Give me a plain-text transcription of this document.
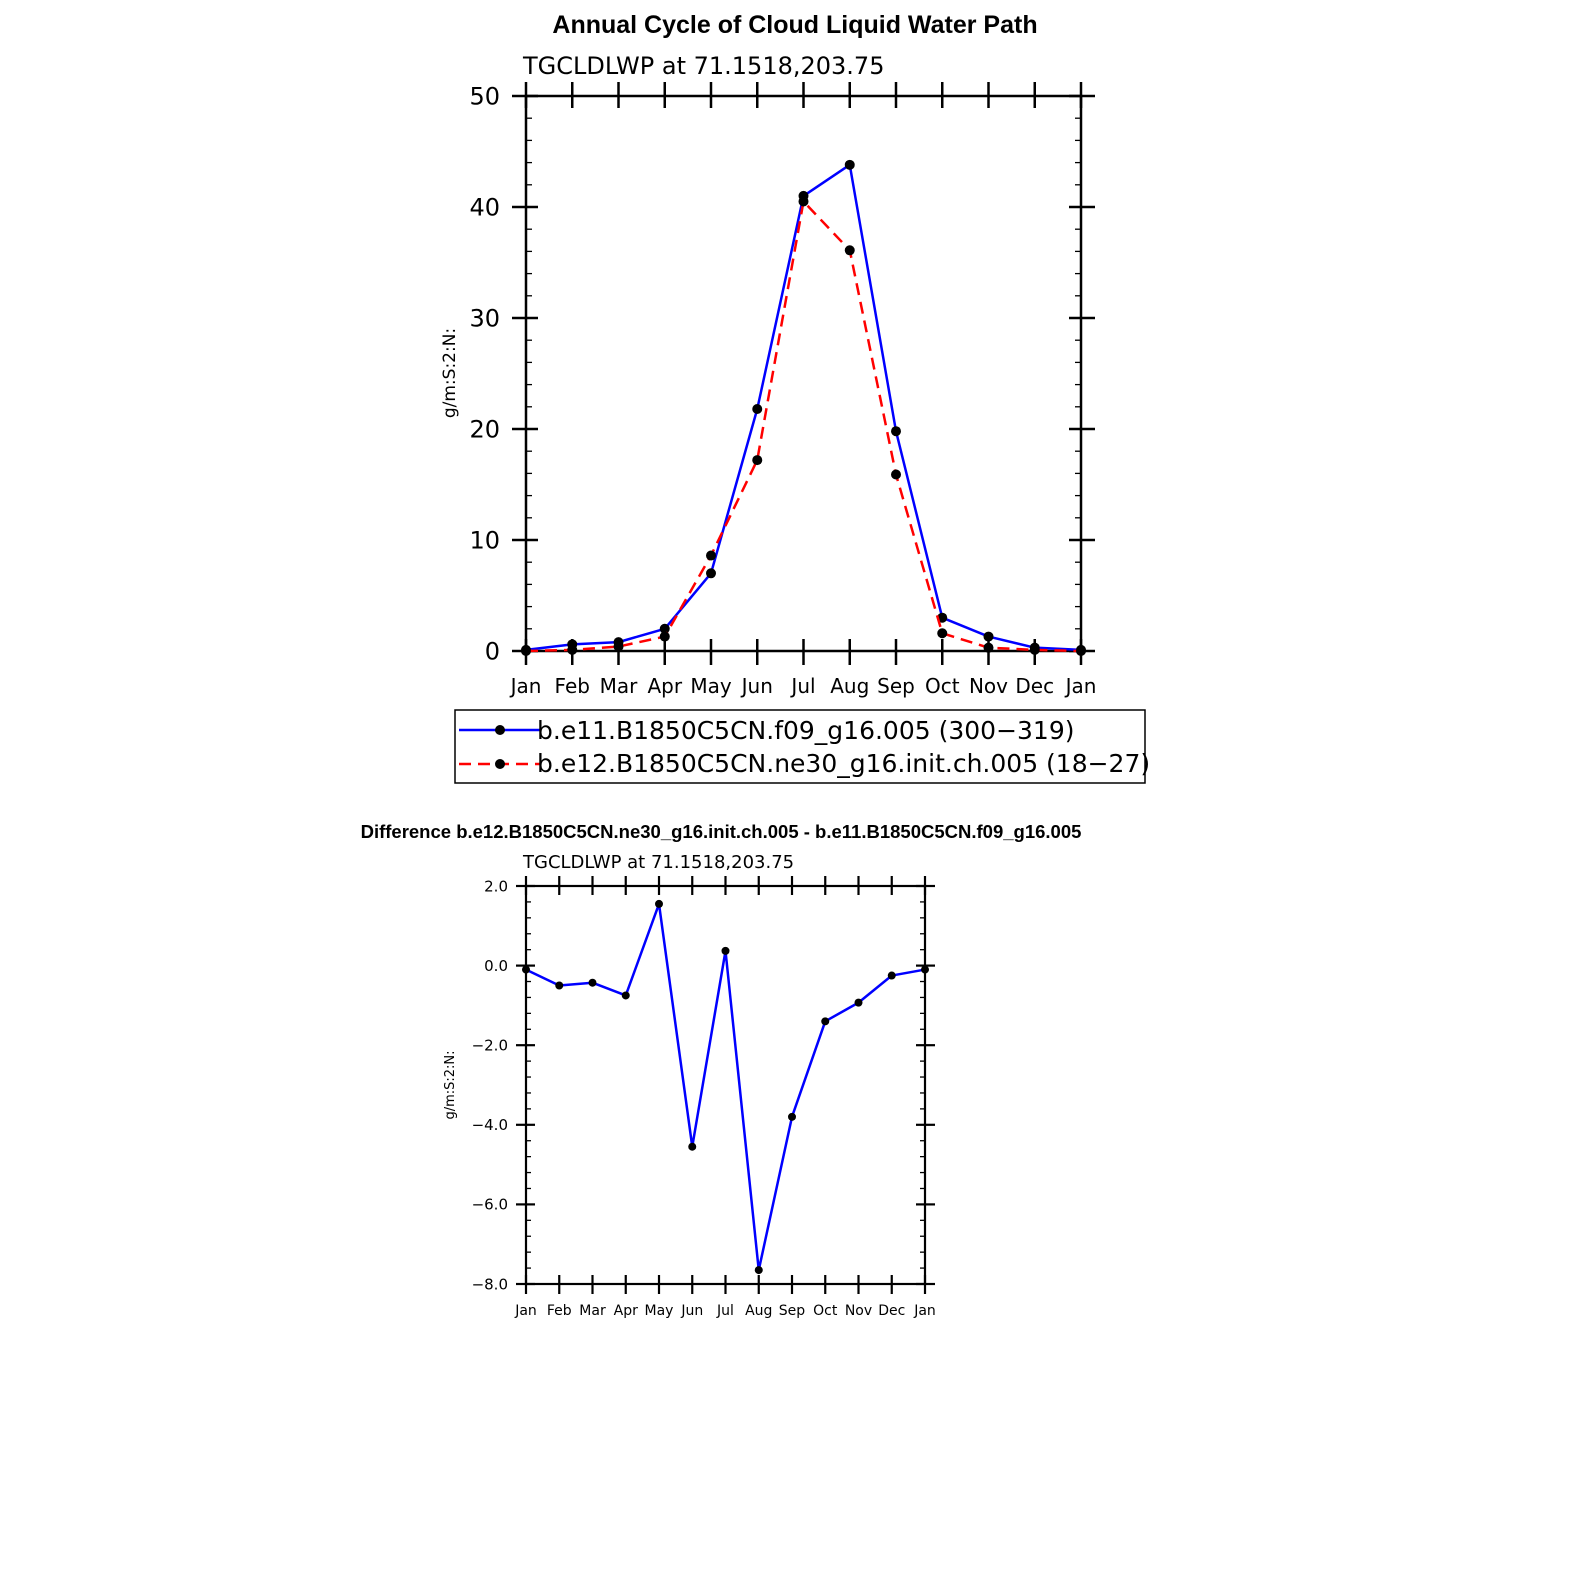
Annual Cycle of Cloud Liquid Water Path
TGCLDLWP at 71.1518,203.75
g/m:S:2:N:
Jan Feb Mar Apr May Jun Jul Aug Sep Oct Nov Dec Jan
0
10
20
30
40
50
b.e11.B1850C5CN.f09_g16.005 (300−319)
b.e12.B1850C5CN.ne30_g16.init.ch.005 (18−27)
Difference b.e12.B1850C5CN.ne30_g16.init.ch.005 - b.e11.B1850C5CN.f09_g16.005
TGCLDLWP at 71.1518,203.75
g/m:S:2:N:
Jan Feb Mar Apr May Jun Jul Aug Sep Oct Nov Dec Jan
−8.0
−6.0
−4.0
−2.0
0.0
2.0
